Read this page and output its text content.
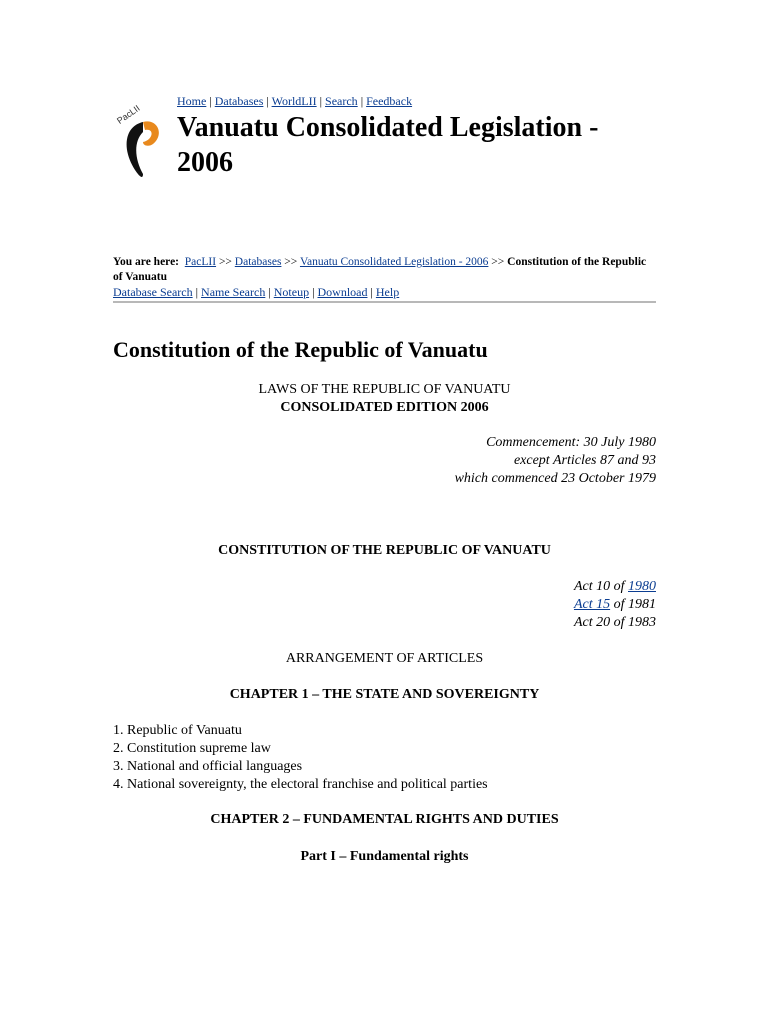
PacLII
Home | Databases | WorldLII | Search | Feedback
Vanuatu Consolidated Legislation - 2006
You are here: PacLII >> Databases >> Vanuatu Consolidated Legislation - 2006 >> Constitution of the Republic of Vanuatu
Database Search | Name Search | Noteup | Download | Help
Constitution of the Republic of Vanuatu
LAWS OF THE REPUBLIC OF VANUATU
CONSOLIDATED EDITION 2006
Commencement: 30 July 1980
except Articles 87 and 93
which commenced 23 October 1979
CONSTITUTION OF THE REPUBLIC OF VANUATU
Act 10 of 1980
Act 15 of 1981
Act 20 of 1983
ARRANGEMENT OF ARTICLES
CHAPTER 1 – THE STATE AND SOVEREIGNTY
1. Republic of Vanuatu
2. Constitution supreme law
3. National and official languages
4. National sovereignty, the electoral franchise and political parties
CHAPTER 2 – FUNDAMENTAL RIGHTS AND DUTIES
Part I – Fundamental rights
